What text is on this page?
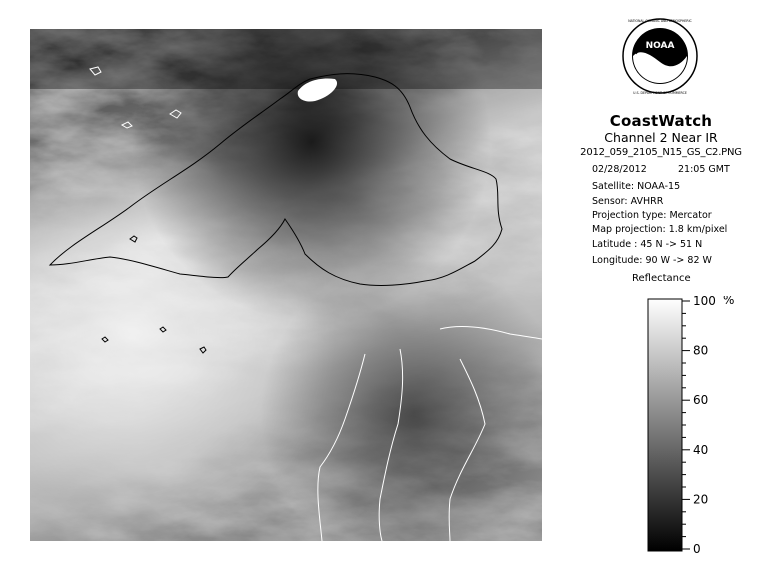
NOAA
NATIONAL OCEANIC AND ATMOSPHERIC
U.S. DEPARTMENT OF COMMERCE
CoastWatch
Channel 2 Near IR
2012_059_2105_N15_GS_C2.PNG
02/28/2012	21:05 GMT
Satellite: NOAA-15
Sensor: AVHRR
Projection type: Mercator
Map projection: 1.8 km/pixel
Latitude : 45 N -> 51 N
Longitude: 90 W -> 82 W
Reflectance
100
80
60
40
20
0
%
